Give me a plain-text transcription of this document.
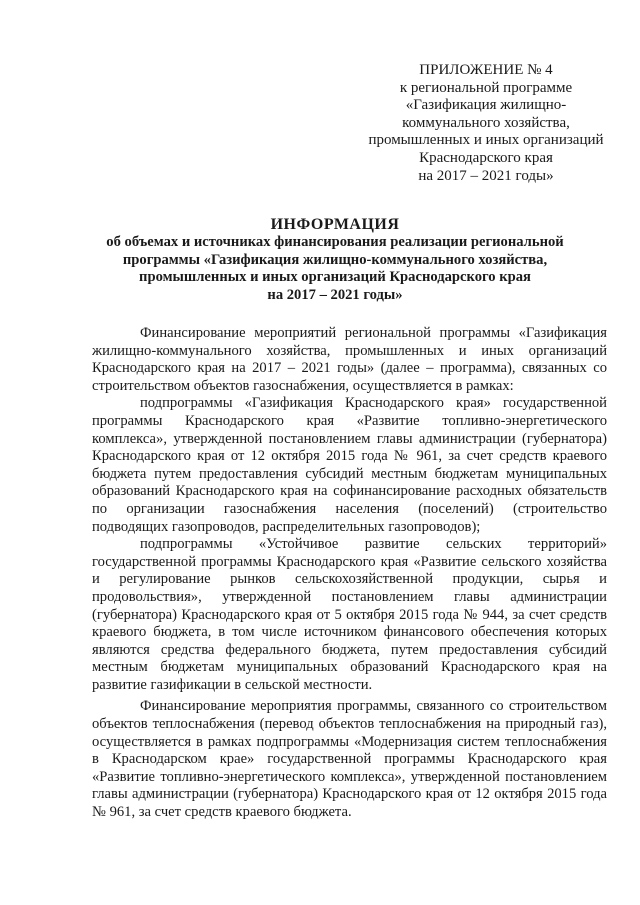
ПРИЛОЖЕНИЕ № 4
к региональной программе
«Газификация жилищно-
коммунального хозяйства,
промышленных и иных организаций
Краснодарского края
на 2017 – 2021 годы»
ИНФОРМАЦИЯ
об объемах и источниках финансирования реализации региональной
программы «Газификация жилищно-коммунального хозяйства,
промышленных и иных организаций Краснодарского края
на 2017 – 2021 годы»

Финансирование мероприятий региональной программы «Газификация жилищно-коммунального хозяйства, промышленных и иных организаций Краснодарского края на 2017 – 2021 годы» (далее – программа), связанных со строительством объектов газоснабжения, осуществляется в рамках:

подпрограммы «Газификация Краснодарского края» государственной программы Краснодарского края «Развитие топливно-энергетического комплекса», утвержденной постановлением главы администрации (губернатора) Краснодарского края от 12 октября 2015 года № 961, за счет средств краевого бюджета путем предоставления субсидий местным бюджетам муниципальных образований Краснодарского края на софинансирование расходных обязательств по организации газоснабжения населения (поселений) (строительство подводящих газопроводов, распределительных газопроводов);

подпрограммы «Устойчивое развитие сельских территорий» государственной программы Краснодарского края «Развитие сельского хозяйства и регулирование рынков сельскохозяйственной продукции, сырья и продовольствия», утвержденной постановлением главы администрации (губернатора) Краснодарского края от 5 октября 2015 года № 944, за счет средств краевого бюджета, в том числе источником финансового обеспечения которых являются средства федерального бюджета, путем предоставления субсидий местным бюджетам муниципальных образований Краснодарского края на развитие газификации в сельской местности.

Финансирование мероприятия программы, связанного со строительством объектов теплоснабжения (перевод объектов теплоснабжения на природный газ), осуществляется в рамках подпрограммы «Модернизация систем теплоснабжения в Краснодарском крае» государственной программы Краснодарского края «Развитие топливно-энергетического комплекса», утвержденной постановлением главы администрации (губернатора) Краснодарского края от 12 октября 2015 года № 961, за счет средств краевого бюджета.
